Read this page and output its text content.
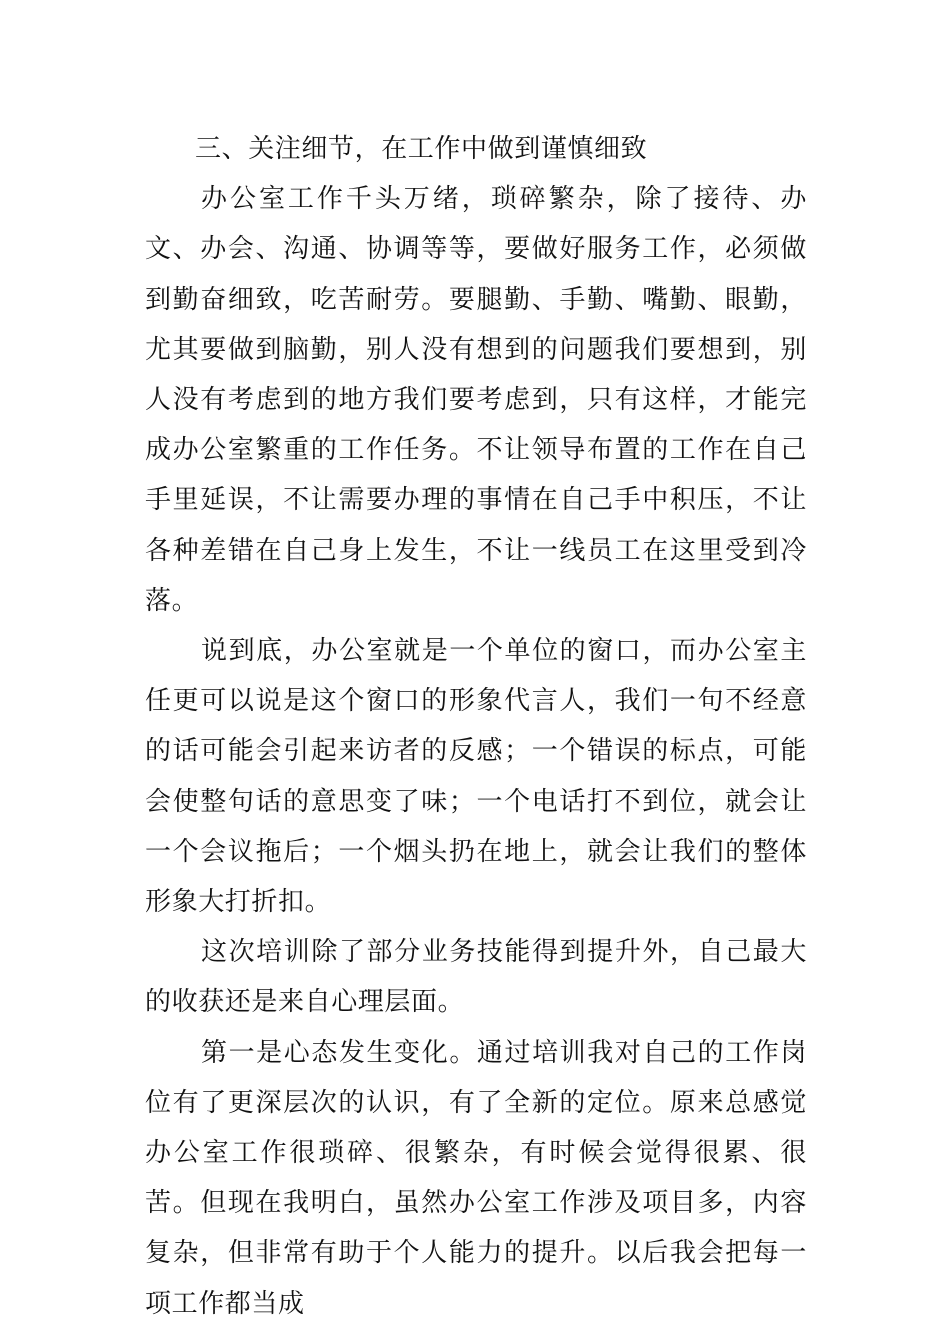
三、关注细节，在工作中做到谨慎细致

办公室工作千头万绪，琐碎繁杂，除了接待、办文、办会、沟通、协调等等，要做好服务工作，必须做到勤奋细致，吃苦耐劳。要腿勤、手勤、嘴勤、眼勤，尤其要做到脑勤，别人没有想到的问题我们要想到，别人没有考虑到的地方我们要考虑到，只有这样，才能完成办公室繁重的工作任务。不让领导布置的工作在自己手里延误，不让需要办理的事情在自己手中积压，不让各种差错在自己身上发生，不让一线员工在这里受到冷落。

说到底，办公室就是一个单位的窗口，而办公室主任更可以说是这个窗口的形象代言人，我们一句不经意的话可能会引起来访者的反感；一个错误的标点，可能会使整句话的意思变了味；一个电话打不到位，就会让一个会议拖后；一个烟头扔在地上，就会让我们的整体形象大打折扣。

这次培训除了部分业务技能得到提升外，自己最大的收获还是来自心理层面。

第一是心态发生变化。通过培训我对自己的工作岗位有了更深层次的认识，有了全新的定位。原来总感觉办公室工作很琐碎、很繁杂，有时候会觉得很累、很苦。但现在我明白，虽然办公室工作涉及项目多，内容复杂，但非常有助于个人能力的提升。以后我会把每一项工作都当成
